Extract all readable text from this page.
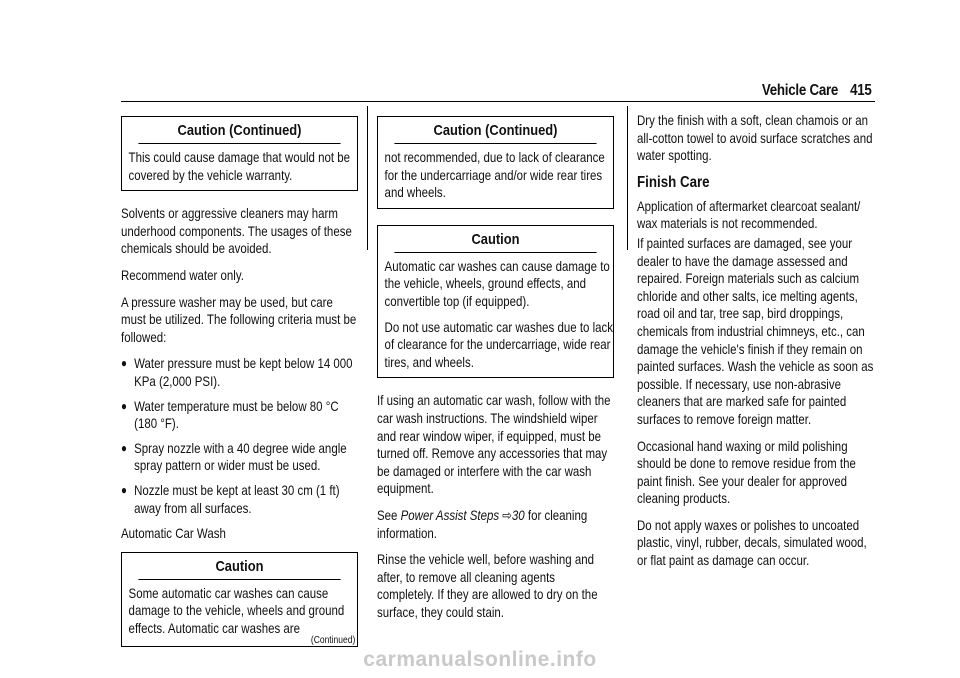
Vehicle Care 415
Caution (Continued)

This could cause damage that would not be covered by the vehicle warranty.

Solvents or aggressive cleaners may harm underhood components. The usages of these chemicals should be avoided.

Recommend water only.

A pressure washer may be used, but care must be utilized. The following criteria must be followed:

● Water pressure must be kept below 14 000 KPa (2,000 PSI).
● Water temperature must be below 80 °C (180 °F).
● Spray nozzle with a 40 degree wide angle spray pattern or wider must be used.
● Nozzle must be kept at least 30 cm (1 ft) away from all surfaces.

Automatic Car Wash

Caution

Some automatic car washes can cause damage to the vehicle, wheels and ground effects. Automatic car washes are

(Continued)
Caution (Continued)

not recommended, due to lack of clearance for the undercarriage and/or wide rear tires and wheels.

Caution

Automatic car washes can cause damage to the vehicle, wheels, ground effects, and convertible top (if equipped).

Do not use automatic car washes due to lack of clearance for the undercarriage, wide rear tires, and wheels.

If using an automatic car wash, follow with the car wash instructions. The windshield wiper and rear window wiper, if equipped, must be turned off. Remove any accessories that may be damaged or interfere with the car wash equipment.

See Power Assist Steps ⇨30 for cleaning information.

Rinse the vehicle well, before washing and after, to remove all cleaning agents completely. If they are allowed to dry on the surface, they could stain.

Dry the finish with a soft, clean chamois or an all-cotton towel to avoid surface scratches and water spotting.

Finish Care

Application of aftermarket clearcoat sealant/ wax materials is not recommended.

If painted surfaces are damaged, see your dealer to have the damage assessed and repaired. Foreign materials such as calcium chloride and other salts, ice melting agents, road oil and tar, tree sap, bird droppings, chemicals from industrial chimneys, etc., can damage the vehicle's finish if they remain on painted surfaces. Wash the vehicle as soon as possible. If necessary, use non-abrasive cleaners that are marked safe for painted surfaces to remove foreign matter.

Occasional hand waxing or mild polishing should be done to remove residue from the paint finish. See your dealer for approved cleaning products.

Do not apply waxes or polishes to uncoated plastic, vinyl, rubber, decals, simulated wood, or flat paint as damage can occur.

carmanualsonline.info
